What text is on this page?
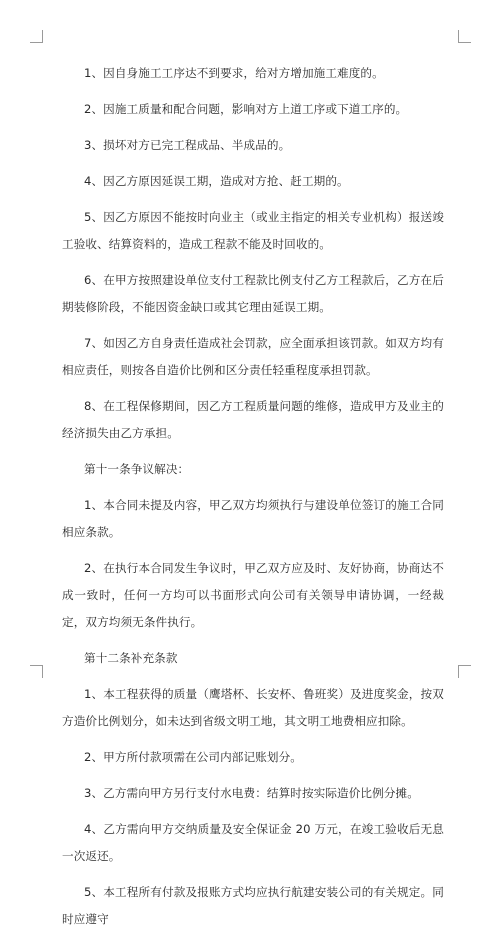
1、因自身施工工序达不到要求，给对方增加施工难度的。

2、因施工质量和配合问题，影响对方上道工序或下道工序的。

3、损坏对方已完工程成品、半成品的。

4、因乙方原因延误工期，造成对方抢、赶工期的。

5、因乙方原因不能按时向业主（或业主指定的相关专业机构）报送竣工验收、结算资料的，造成工程款不能及时回收的。

6、在甲方按照建设单位支付工程款比例支付乙方工程款后，乙方在后期装修阶段，不能因资金缺口或其它理由延误工期。

7、如因乙方自身责任造成社会罚款，应全面承担该罚款。如双方均有相应责任，则按各自造价比例和区分责任轻重程度承担罚款。

8、在工程保修期间，因乙方工程质量问题的维修，造成甲方及业主的经济损失由乙方承担。

第十一条争议解决：

1、本合同未提及内容，甲乙双方均须执行与建设单位签订的施工合同相应条款。

2、在执行本合同发生争议时，甲乙双方应及时、友好协商，协商达不成一致时，任何一方均可以书面形式向公司有关领导申请协调，一经裁定，双方均须无条件执行。

第十二条补充条款

1、本工程获得的质量（鹰塔杯、长安杯、鲁班奖）及进度奖金，按双方造价比例划分，如未达到省级文明工地，其文明工地费相应扣除。

2、甲方所付款项需在公司内部记账划分。

3、乙方需向甲方另行支付水电费：结算时按实际造价比例分摊。

4、乙方需向甲方交纳质量及安全保证金 20 万元，在竣工验收后无息一次返还。

5、本工程所有付款及报账方式均应执行航建安装公司的有关规定。同时应遵守
